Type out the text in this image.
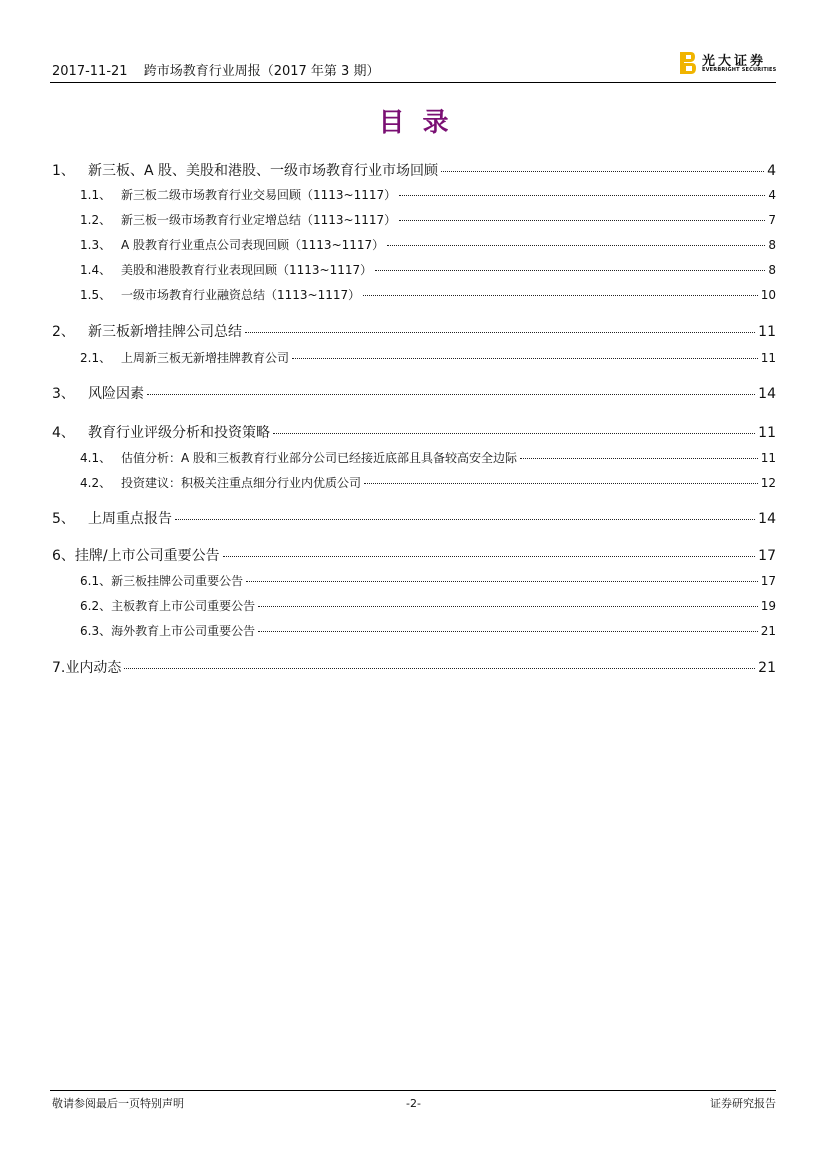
2017-11-21 跨市场教育行业周报（2017 年第 3 期）
光大证券
EVERBRIGHT SECURITIES
目录
1、 新三板、A 股、美股和港股、一级市场教育行业市场回顾	4
1.1、 新三板二级市场教育行业交易回顾（1113~1117）	4
1.2、 新三板一级市场教育行业定增总结（1113~1117）	7
1.3、 A 股教育行业重点公司表现回顾（1113~1117）	8
1.4、 美股和港股教育行业表现回顾（1113~1117）	8
1.5、 一级市场教育行业融资总结（1113~1117）	10
2、 新三板新增挂牌公司总结	11
2.1、 上周新三板无新增挂牌教育公司	11
3、 风险因素	14
4、 教育行业评级分析和投资策略	11
4.1、 估值分析：A 股和三板教育行业部分公司已经接近底部且具备较高安全边际	11
4.2、 投资建议：积极关注重点细分行业内优质公司	12
5、 上周重点报告	14
6、 挂牌/上市公司重要公告	17
6.1、 新三板挂牌公司重要公告	17
6.2、 主板教育上市公司重要公告	19
6.3、 海外教育上市公司重要公告	21
7. 业内动态	21
敬请参阅最后一页特别声明	-2-	证券研究报告
